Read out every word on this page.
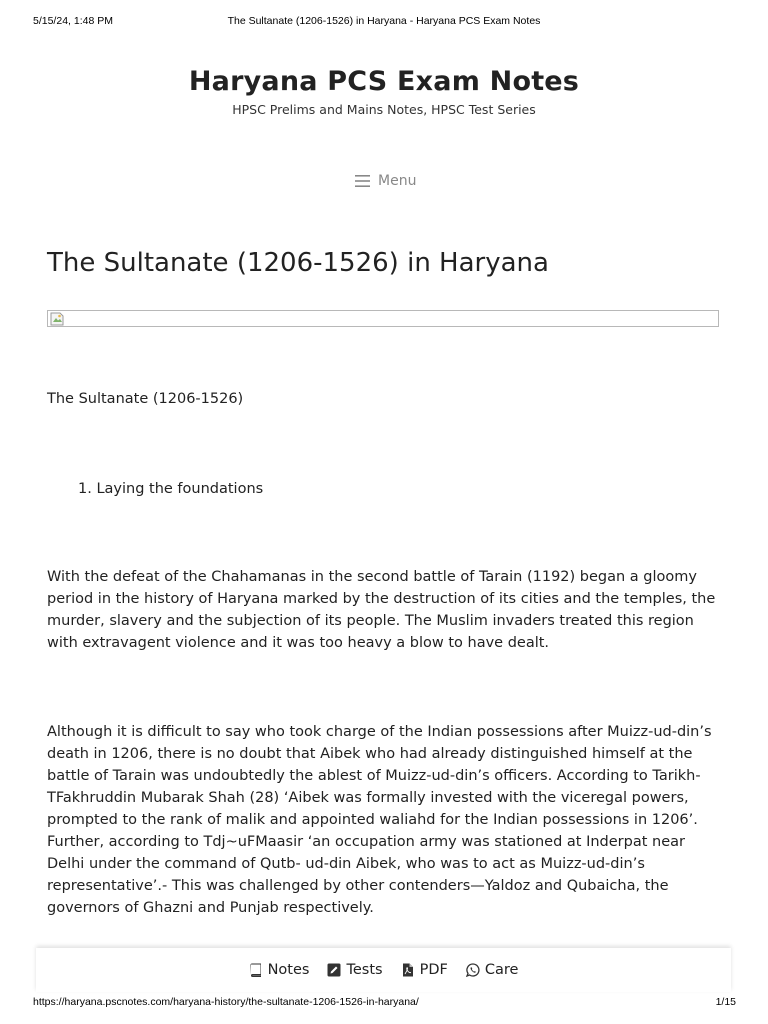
5/15/24, 1:48 PM	The Sultanate (1206-1526) in Haryana - Haryana PCS Exam Notes
Haryana PCS Exam Notes
HPSC Prelims and Mains Notes, HPSC Test Series
Menu
The Sultanate (1206-1526) in Haryana

The Sultanate (1206-1526)

1. Laying the foundations

With the defeat of the Chahamanas in the second battle of Tarain (1192) began a gloomy period in the history of Haryana marked by the destruction of its cities and the temples, the murder, slavery and the subjection of its people. The Muslim invaders treated this region with extravagent violence and it was too heavy a blow to have dealt.

Although it is difficult to say who took charge of the Indian possessions after Muizz-ud-din’s death in 1206, there is no doubt that Aibek who had already distinguished himself at the battle of Tarain was undoubtedly the ablest of Muizz-ud-din’s officers. According to Tarikh-TFakhruddin Mubarak Shah (28) ‘Aibek was formally invested with the viceregal powers, prompted to the rank of malik and appointed waliahd for the Indian possessions in 1206’. Further, according to Tdj~uFMaasir ‘an occupation army was stationed at Inderpat near Delhi under the command of Qutb- ud-din Aibek, who was to act as Muizz-ud-din’s representative’.- This was challenged by other contenders—Yaldoz and Qubaicha, the governors of Ghazni and Punjab respectively.

Notes	Tests	PDF	Care
https://haryana.pscnotes.com/haryana-history/the-sultanate-1206-1526-in-haryana/	1/15
